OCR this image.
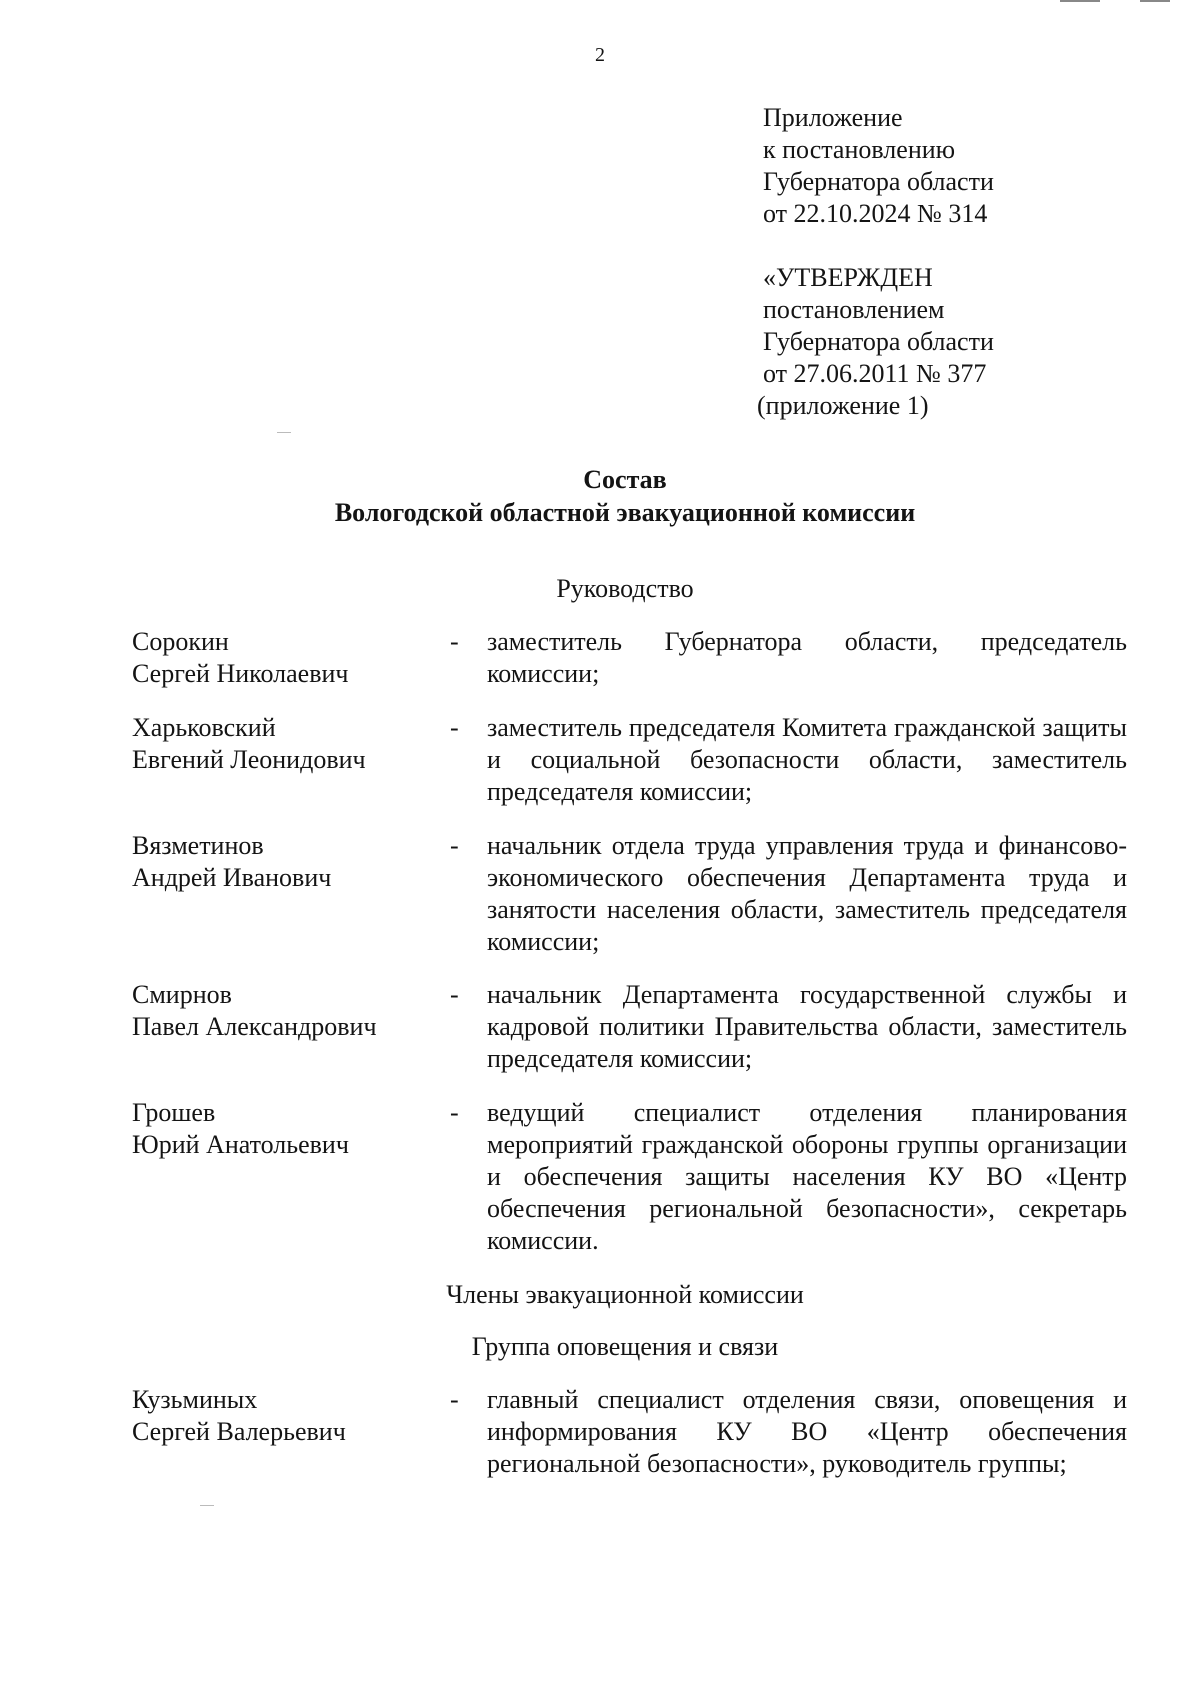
2
Приложение
к постановлению
Губернатора области
от 22.10.2024 № 314
«УТВЕРЖДЕН
постановлением
Губернатора области
от 27.06.2011 № 377
(приложение 1)
Состав
Вологодской областной эвакуационной комиссии
Руководство
Сорокин
Сергей Николаевич
- заместитель Губернатора области, председатель комиссии;
Харьковский
Евгений Леонидович
- заместитель председателя Комитета гражданской защиты и социальной безопасности области, заместитель председателя комиссии;
Вязметинов
Андрей Иванович
- начальник отдела труда управления труда и финансово-экономического обеспечения Департамента труда и занятости населения области, заместитель председателя комиссии;
Смирнов
Павел Александрович
- начальник Департамента государственной службы и кадровой политики Правительства области, заместитель председателя комиссии;
Грошев
Юрий Анатольевич
- ведущий специалист отделения планирования мероприятий гражданской обороны группы организации и обеспечения защиты населения КУ ВО «Центр обеспечения региональной безопасности», секретарь комиссии.
Члены эвакуационной комиссии
Группа оповещения и связи
Кузьминых
Сергей Валерьевич
- главный специалист отделения связи, оповещения и информирования КУ ВО «Центр обеспечения региональной безопасности», руководитель группы;
